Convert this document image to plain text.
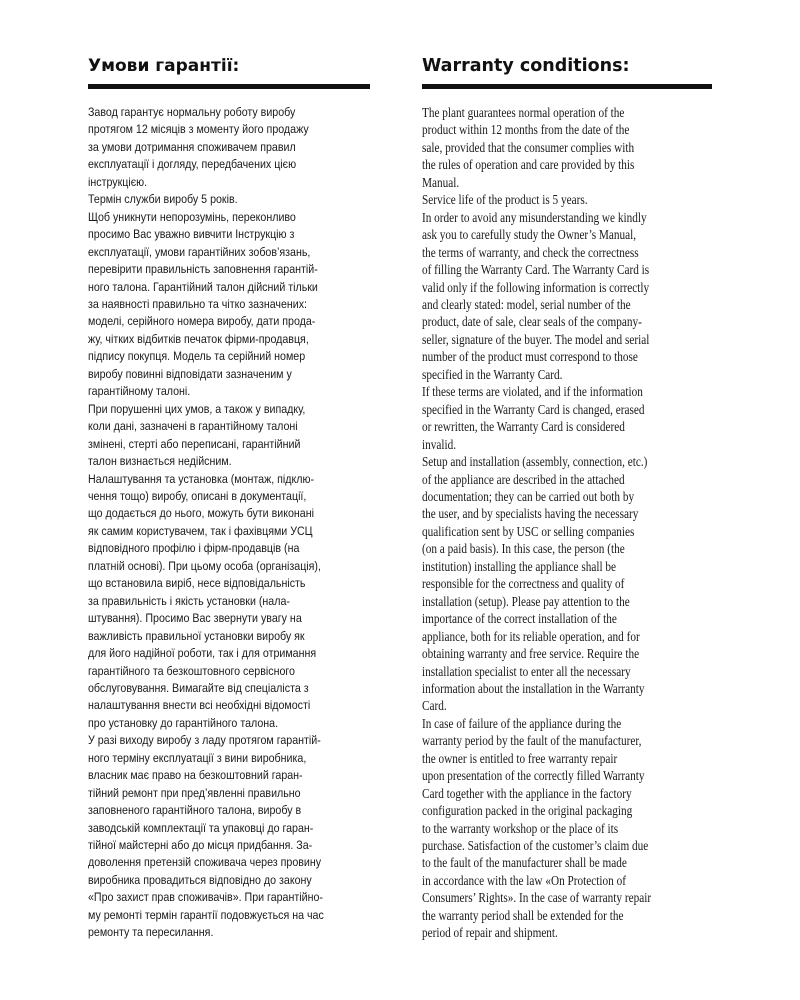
Умови гарантії:
Завод гарантує нормальну роботу виробу
протягом 12 місяців з моменту його продажу
за умови дотримання споживачем правил
експлуатації і догляду, передбачених цією
інструкцією.
Термін служби виробу 5 років.
Щоб уникнути непорозумінь, переконливо
просимо Вас уважно вивчити Інструкцію з
експлуатації, умови гарантійних зобов’язань,
перевірити правильність заповнення гарантій-
ного талона. Гарантійний талон дійсний тільки
за наявності правильно та чітко зазначених:
моделі, серійного номера виробу, дати прода-
жу, чітких відбитків печаток фірми-продавця,
підпису покупця. Модель та серійний номер
виробу повинні відповідати зазначеним у
гарантійному талоні.
При порушенні цих умов, а також у випадку,
коли дані, зазначені в гарантійному талоні
змінені, стерті або переписані, гарантійний
талон визнається недійсним.
Налаштування та установка (монтаж, підклю-
чення тощо) виробу, описані в документації,
що додається до нього, можуть бути виконані
як самим користувачем, так і фахівцями УСЦ
відповідного профілю і фірм-продавців (на
платній основі). При цьому особа (організація),
що встановила виріб, несе відповідальність
за правильність і якість установки (нала-
штування). Просимо Вас звернути увагу на
важливість правильної установки виробу як
для його надійної роботи, так і для отримання
гарантійного та безкоштовного сервісного
обслуговування. Вимагайте від спеціаліста з
налаштування внести всі необхідні відомості
про установку до гарантійного талона.
У разі виходу виробу з ладу протягом гарантій-
ного терміну експлуатації з вини виробника,
власник має право на безкоштовний гаран-
тійний ремонт при пред’явленні правильно
заповненого гарантійного талона, виробу в
заводській комплектації та упаковці до гаран-
тійної майстерні або до місця придбання. За-
доволення претензій споживача через провину
виробника провадиться відповідно до закону
«Про захист прав споживачів». При гарантійно-
му ремонті термін гарантії подовжується на час
ремонту та пересилання.
Warranty conditions:
The plant guarantees normal operation of the
product within 12 months from the date of the
sale, provided that the consumer complies with
the rules of operation and care provided by this
Manual.
Service life of the product is 5 years.
In order to avoid any misunderstanding we kindly
ask you to carefully study the Owner’s Manual,
the terms of warranty, and check the correctness
of filling the Warranty Card. The Warranty Card is
valid only if the following information is correctly
and clearly stated: model, serial number of the
product, date of sale, clear seals of the company-
seller, signature of the buyer. The model and serial
number of the product must correspond to those
specified in the Warranty Card.
If these terms are violated, and if the information
specified in the Warranty Card is changed, erased
or rewritten, the Warranty Card is considered
invalid.
Setup and installation (assembly, connection, etc.)
of the appliance are described in the attached
documentation; they can be carried out both by
the user, and by specialists having the necessary
qualification sent by USC or selling companies
(on a paid basis). In this case, the person (the
institution) installing the appliance shall be
responsible for the correctness and quality of
installation (setup). Please pay attention to the
importance of the correct installation of the
appliance, both for its reliable operation, and for
obtaining warranty and free service. Require the
installation specialist to enter all the necessary
information about the installation in the Warranty
Card.
In case of failure of the appliance during the
warranty period by the fault of the manufacturer,
the owner is entitled to free warranty repair
upon presentation of the correctly filled Warranty
Card together with the appliance in the factory
configuration packed in the original packaging
to the warranty workshop or the place of its
purchase. Satisfaction of the customer’s claim due
to the fault of the manufacturer shall be made
in accordance with the law «On Protection of
Consumers’ Rights». In the case of warranty repair
the warranty period shall be extended for the
period of repair and shipment.
